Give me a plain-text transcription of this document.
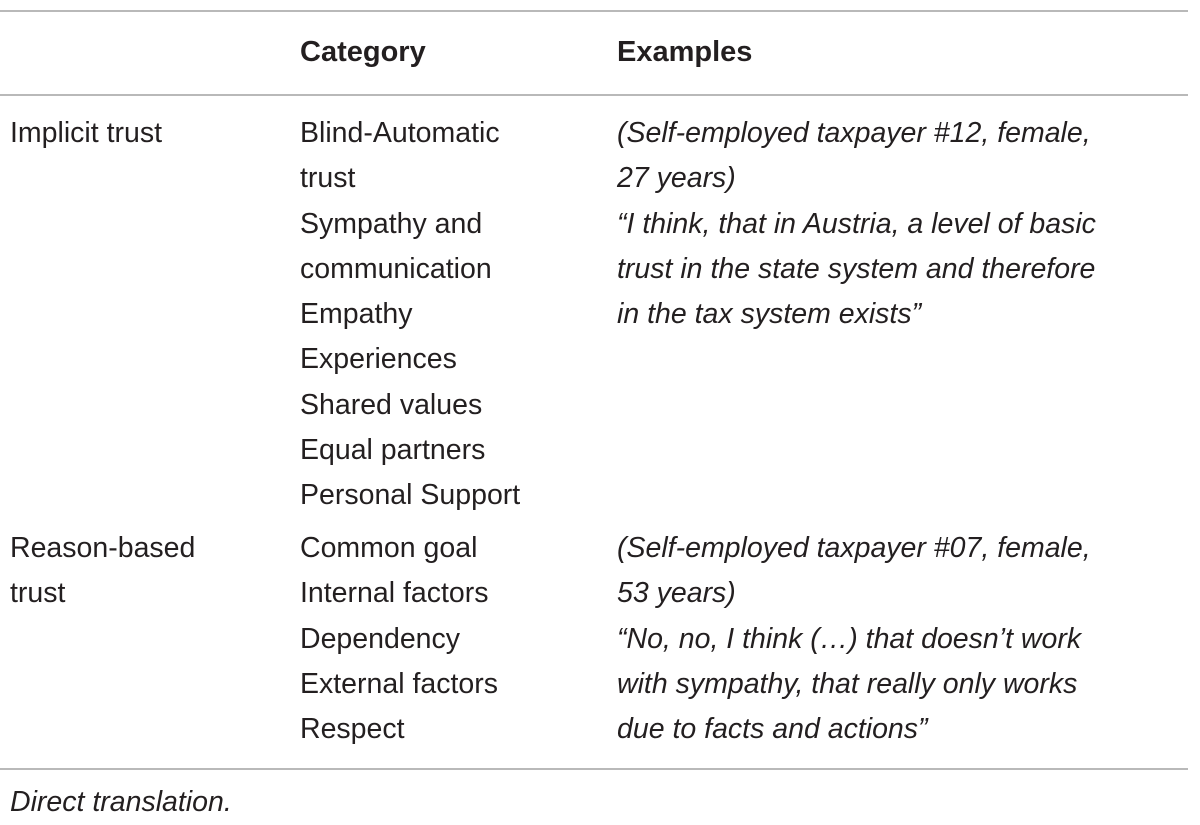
Category	Examples
Implicit trust	Blind-Automatic
trust
Sympathy and
communication
Empathy
Experiences
Shared values
Equal partners
Personal Support
(Self-employed taxpayer #12, female,
27 years)
“I think, that in Austria, a level of basic
trust in the state system and therefore
in the tax system exists”
Reason-based
trust
Common goal
Internal factors
Dependency
External factors
Respect
(Self-employed taxpayer #07, female,
53 years)
“No, no, I think (…) that doesn’t work
with sympathy, that really only works
due to facts and actions”
Direct translation.
